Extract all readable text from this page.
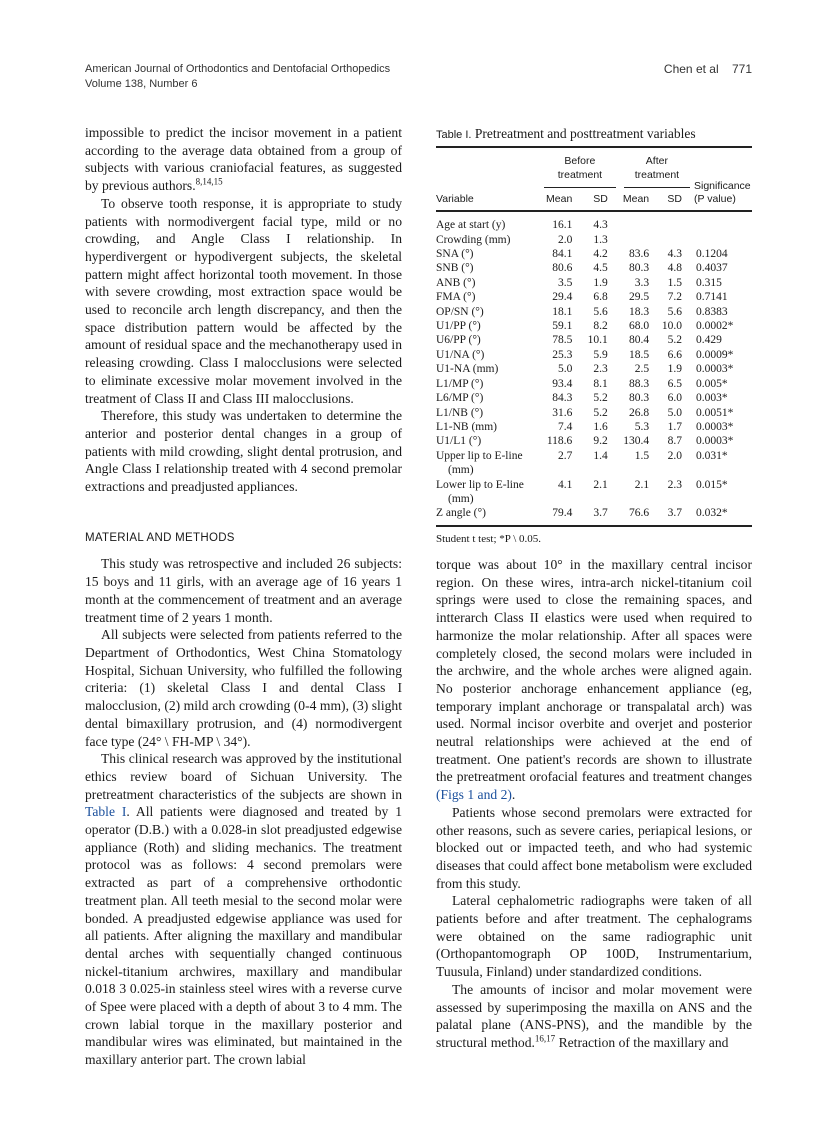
American Journal of Orthodontics and Dentofacial Orthopedics
Volume 138, Number 6
Chen et al 771

impossible to predict the incisor movement in a patient according to the average data obtained from a group of subjects with various craniofacial features, as suggested by previous authors.$^{8,14,15}$

To observe tooth response, it is appropriate to study patients with normodivergent facial type, mild or no crowding, and Angle Class I relationship. In hyperdivergent or hypodivergent subjects, the skeletal pattern might affect horizontal tooth movement. In those with severe crowding, most extraction space would be used to reconcile arch length discrepancy, and then the space distribution pattern would be affected by the amount of residual space and the mechanotherapy used in releasing crowding. Class I malocclusions were selected to eliminate excessive molar movement involved in the treatment of Class II and Class III malocclusions.

Therefore, this study was undertaken to determine the anterior and posterior dental changes in a group of patients with mild crowding, slight dental protrusion, and Angle Class I relationship treated with 4 second premolar extractions and preadjusted appliances.

MATERIAL AND METHODS

This study was retrospective and included 26 subjects: 15 boys and 11 girls, with an average age of 16 years 1 month at the commencement of treatment and an average treatment time of 2 years 1 month.

All subjects were selected from patients referred to the Department of Orthodontics, West China Stomatology Hospital, Sichuan University, who fulfilled the following criteria: (1) skeletal Class I and dental Class I malocclusion, (2) mild arch crowding (0-4 mm), (3) slight dental bimaxillary protrusion, and (4) normodivergent face type (24° \ FH-MP \ 34°).

This clinical research was approved by the institutional ethics review board of Sichuan University. The pretreatment characteristics of the subjects are shown in Table I. All patients were diagnosed and treated by 1 operator (D.B.) with a 0.028-in slot preadjusted edgewise appliance (Roth) and sliding mechanics. The treatment protocol was as follows: 4 second premolars were extracted as part of a comprehensive orthodontic treatment plan. All teeth mesial to the second molar were bonded. A preadjusted edgewise appliance was used for all patients. After aligning the maxillary and mandibular dental arches with sequentially changed continuous nickel-titanium archwires, maxillary and mandibular 0.018 3 0.025-in stainless steel wires with a reverse curve of Spee were placed with a depth of about 3 to 4 mm. The crown labial torque in the maxillary posterior and mandibular wires was eliminated, but maintained in the maxillary anterior part. The crown labial

Table I. Pretreatment and posttreatment variables
Variable	Before treatment		After treatment		Significance (P value)
	Mean	SD	Mean	SD	
Age at start (y)	16.1	4.3			
Crowding (mm)	2.0	1.3			
SNA (°)	84.1	4.2	83.6	4.3	0.1204
SNB (°)	80.6	4.5	80.3	4.8	0.4037
ANB (°)	3.5	1.9	3.3	1.5	0.315
FMA (°)	29.4	6.8	29.5	7.2	0.7141
OP/SN (°)	18.1	5.6	18.3	5.6	0.8383
U1/PP (°)	59.1	8.2	68.0	10.0	0.0002*
U6/PP (°)	78.5	10.1	80.4	5.2	0.429
U1/NA (°)	25.3	5.9	18.5	6.6	0.0009*
U1-NA (mm)	5.0	2.3	2.5	1.9	0.0003*
L1/MP (°)	93.4	8.1	88.3	6.5	0.005*
L6/MP (°)	84.3	5.2	80.3	6.0	0.003*
L1/NB (°)	31.6	5.2	26.8	5.0	0.0051*
L1-NB (mm)	7.4	1.6	5.3	1.7	0.0003*
U1/L1 (°)	118.6	9.2	130.4	8.7	0.0003*
Upper lip to E-line (mm)	2.7	1.4	1.5	2.0	0.031*
Lower lip to E-line (mm)	4.1	2.1	2.1	2.3	0.015*
Z angle (°)	79.4	3.7	76.6	3.7	0.032*
Student t test; *P \ 0.05.

torque was about 10° in the maxillary central incisor region. On these wires, intra-arch nickel-titanium coil springs were used to close the remaining spaces, and intterarch Class II elastics were used when required to harmonize the molar relationship. After all spaces were completely closed, the second molars were included in the archwire, and the whole arches were aligned again. No posterior anchorage enhancement appliance (eg, temporary implant anchorage or transpalatal arch) was used. Normal incisor overbite and overjet and posterior neutral relationships were achieved at the end of treatment. One patient's records are shown to illustrate the pretreatment orofacial features and treatment changes (Figs 1 and 2).

Patients whose second premolars were extracted for other reasons, such as severe caries, periapical lesions, or blocked out or impacted teeth, and who had systemic diseases that could affect bone metabolism were excluded from this study.

Lateral cephalometric radiographs were taken of all patients before and after treatment. The cephalograms were obtained on the same radiographic unit (Orthopantomograph OP 100D, Instrumentarium, Tuusula, Finland) under standardized conditions.

The amounts of incisor and molar movement were assessed by superimposing the maxilla on ANS and the palatal plane (ANS-PNS), and the mandible by the structural method.$^{16,17}$ Retraction of the maxillary and
